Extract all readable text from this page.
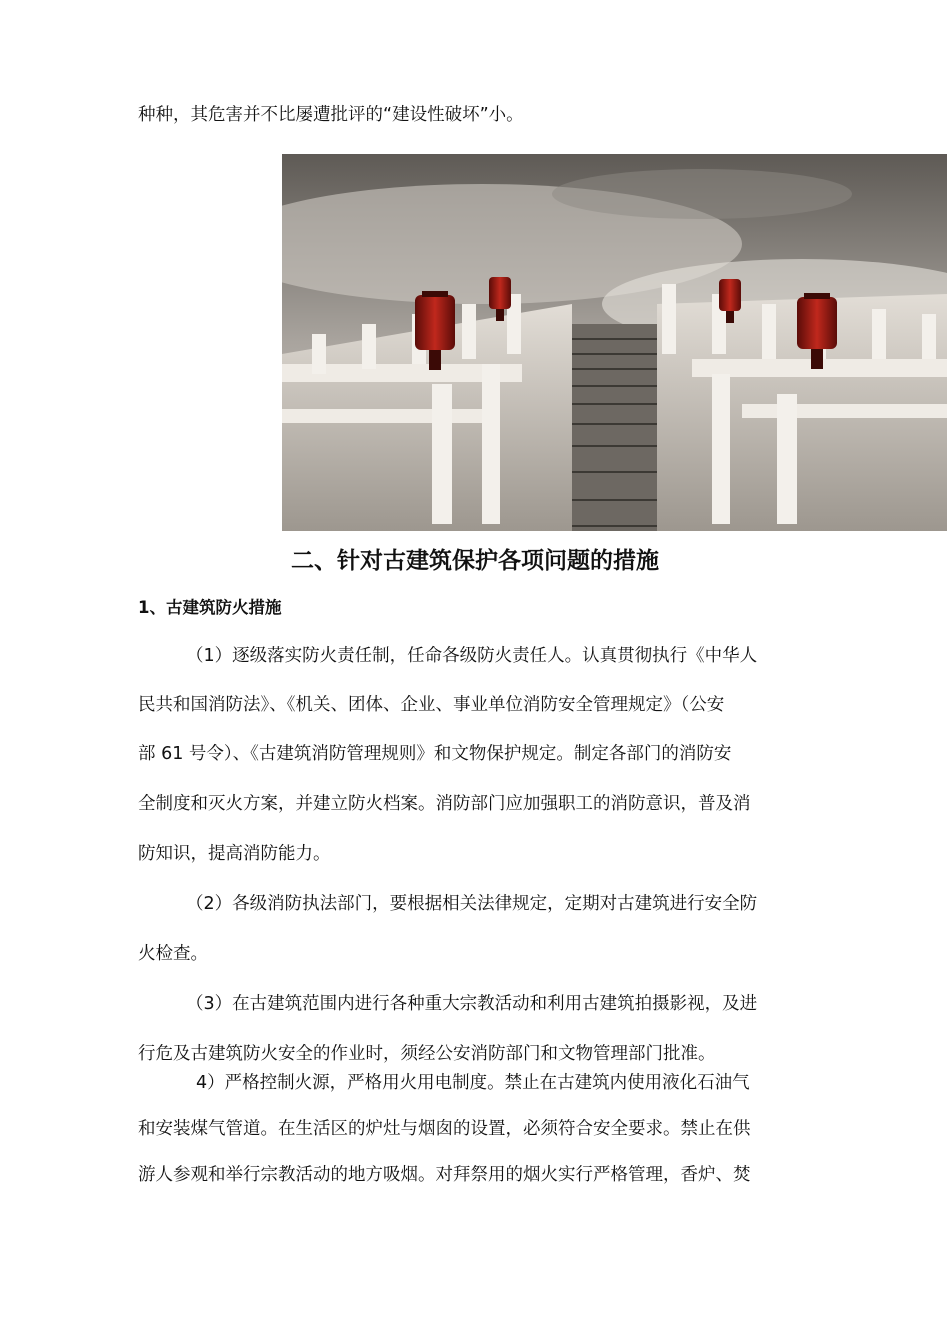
种种，其危害并不比屡遭批评的“建设性破坏”小。
二、针对古建筑保护各项问题的措施
1、古建筑防火措施
（1）逐级落实防火责任制，任命各级防火责任人。认真贯彻执行《中华人
民共和国消防法》、《机关、团体、企业、事业单位消防安全管理规定》（公安
部 61 号令）、《古建筑消防管理规则》和文物保护规定。制定各部门的消防安
全制度和灭火方案，并建立防火档案。消防部门应加强职工的消防意识，普及消
防知识，提高消防能力。
（2）各级消防执法部门，要根据相关法律规定，定期对古建筑进行安全防
火检查。
（3）在古建筑范围内进行各种重大宗教活动和利用古建筑拍摄影视，及进
行危及古建筑防火安全的作业时，须经公安消防部门和文物管理部门批准。
4）严格控制火源，严格用火用电制度。禁止在古建筑内使用液化石油气
和安装煤气管道。在生活区的炉灶与烟囱的设置，必须符合安全要求。禁止在供
游人参观和举行宗教活动的地方吸烟。对拜祭用的烟火实行严格管理，香炉、焚
